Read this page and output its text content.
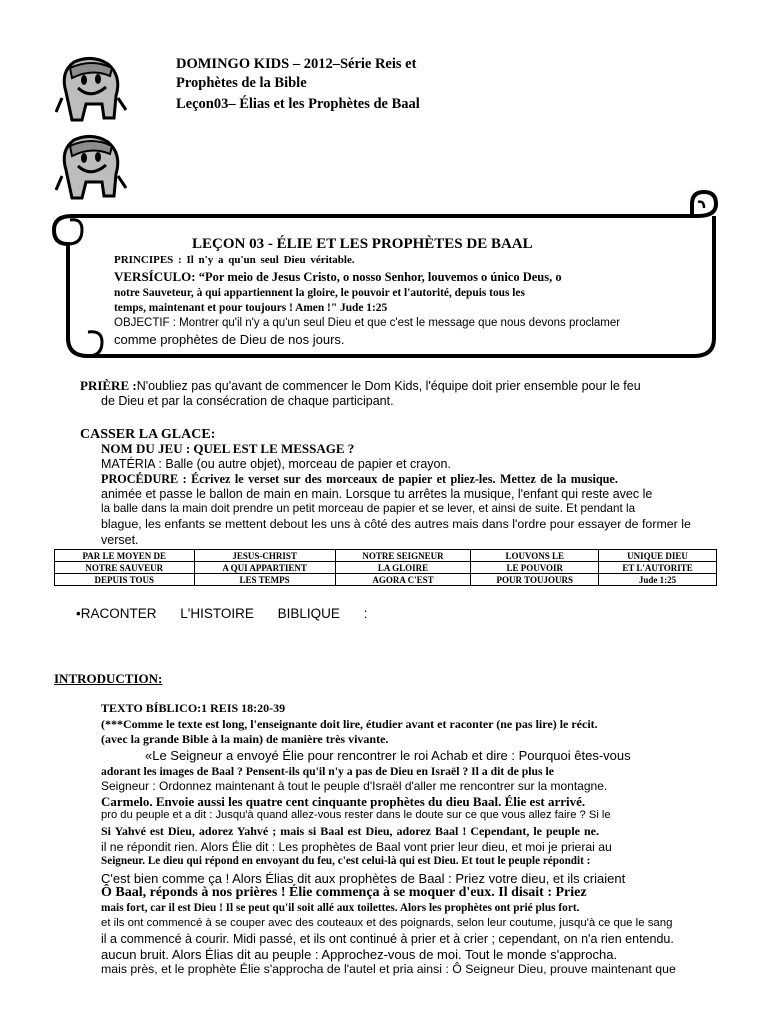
DOMINGO KIDS – 2012–Série Reis et
Prophètes de la Bible
Leçon03– Élias et les Prophètes de Baal
LEÇON 03 - ÉLIE ET LES PROPHÈTES DE BAAL
PRINCIPES : Il n'y a qu'un seul Dieu véritable.
VERSÍCULO: “Por meio de Jesus Cristo, o nosso Senhor, louvemos o único Deus, o
notre Sauveteur, à qui appartiennent la gloire, le pouvoir et l'autorité, depuis tous les
temps, maintenant et pour toujours ! Amen !" Jude 1:25
OBJECTIF : Montrer qu'il n'y a qu'un seul Dieu et que c'est le message que nous devons proclamer
comme prophètes de Dieu de nos jours.
PRIÈRE :N'oubliez pas qu'avant de commencer le Dom Kids, l'équipe doit prier ensemble pour le feu
de Dieu et par la consécration de chaque participant.
CASSER LA GLACE:
NOM DU JEU : QUEL EST LE MESSAGE ?
MATÉRIA : Balle (ou autre objet), morceau de papier et crayon.
PROCÉDURE : Écrivez le verset sur des morceaux de papier et pliez-les. Mettez de la musique.
animée et passe le ballon de main en main. Lorsque tu arrêtes la musique, l'enfant qui reste avec le
la balle dans la main doit prendre un petit morceau de papier et se lever, et ainsi de suite. Et pendant la
blague, les enfants se mettent debout les uns à côté des autres mais dans l'ordre pour essayer de former le
verset.
PAR LE MOYEN DE	JESUS-CHRIST	NOTRE SEIGNEUR	LOUVONS LE	UNIQUE DIEU
NOTRE SAUVEUR	A QUI APPARTIENT	LA GLOIRE	LE POUVOIR	ET L'AUTORITE
DEPUIS TOUS	LES TEMPS	AGORA C'EST	POUR TOUJOURS	Jude 1:25
•RACONTER L'HISTOIRE BIBLIQUE :
INTRODUCTION:
TEXTO BÍBLICO:1 REIS 18:20-39
(***Comme le texte est long, l'enseignante doit lire, étudier avant et raconter (ne pas lire) le récit.
(avec la grande Bible à la main) de manière très vivante.
«Le Seigneur a envoyé Élie pour rencontrer le roi Achab et dire : Pourquoi êtes-vous
adorant les images de Baal ? Pensent-ils qu'il n'y a pas de Dieu en Israël ? Il a dit de plus le
Seigneur : Ordonnez maintenant à tout le peuple d'Israël d'aller me rencontrer sur la montagne.
Carmelo. Envoie aussi les quatre cent cinquante prophètes du dieu Baal. Élie est arrivé.
pro du peuple et a dit : Jusqu'à quand allez-vous rester dans le doute sur ce que vous allez faire ? Si le
Si Yahvé est Dieu, adorez Yahvé ; mais si Baal est Dieu, adorez Baal ! Cependant, le peuple ne.
il ne répondit rien. Alors Élie dit : Les prophètes de Baal vont prier leur dieu, et moi je prierai au
Seigneur. Le dieu qui répond en envoyant du feu, c'est celui-là qui est Dieu. Et tout le peuple répondit :
C'est bien comme ça ! Alors Élias dit aux prophètes de Baal : Priez votre dieu, et ils criaient
Ô Baal, réponds à nos prières ! Élie commença à se moquer d'eux. Il disait : Priez
mais fort, car il est Dieu ! Il se peut qu'il soit allé aux toilettes. Alors les prophètes ont prié plus fort.
et ils ont commencé à se couper avec des couteaux et des poignards, selon leur coutume, jusqu'à ce que le sang
il a commencé à courir. Midi passé, et ils ont continué à prier et à crier ; cependant, on n'a rien entendu.
aucun bruit. Alors Élias dit au peuple : Approchez-vous de moi. Tout le monde s'approcha.
mais près, et le prophète Élie s'approcha de l'autel et pria ainsi : Ô Seigneur Dieu, prouve maintenant que
